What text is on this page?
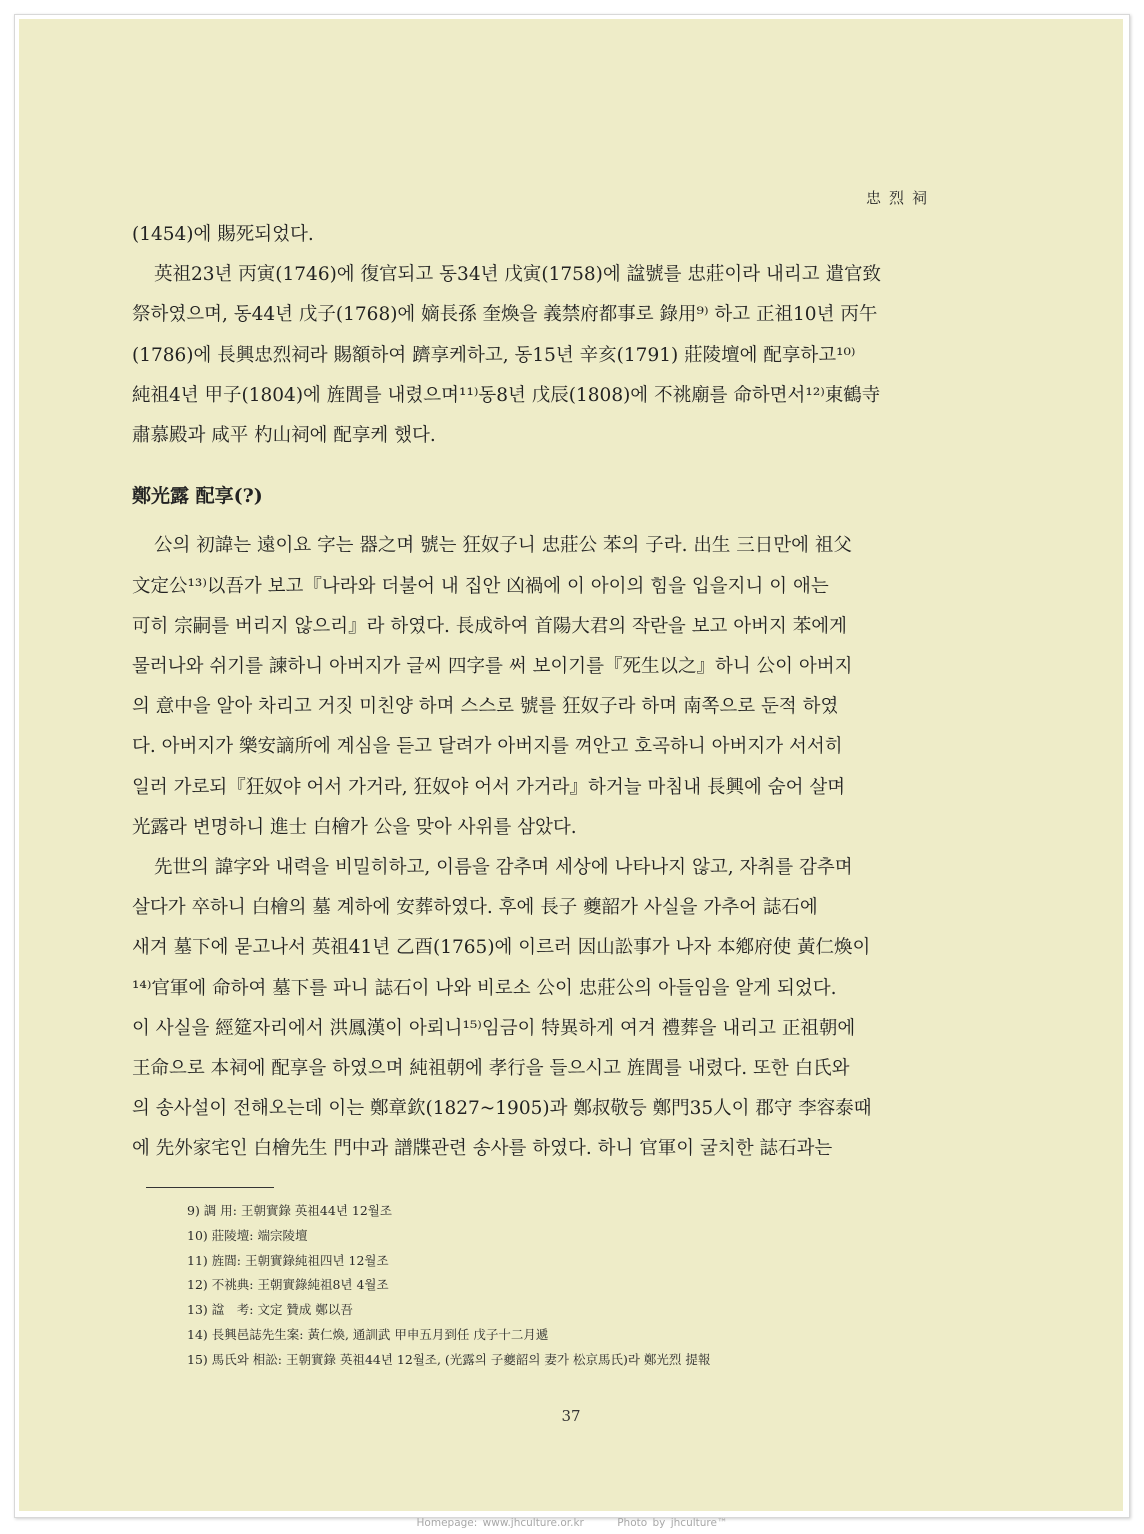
忠烈祠

(1454)에 賜死되었다.

英祖23년 丙寅(1746)에 復官되고 동34년 戊寅(1758)에 諡號를 忠莊이라 내리고 遣官致
祭하였으며, 동44년 戊子(1768)에 嫡長孫 奎煥을 義禁府都事로 錄用⁹⁾ 하고 正祖10년 丙午
(1786)에 長興忠烈祠라 賜額하여 躋享케하고, 동15년 辛亥(1791) 莊陵壇에 配享하고¹⁰⁾
純祖4년 甲子(1804)에 旌閭를 내렸으며¹¹⁾동8년 戊辰(1808)에 不祧廟를 命하면서¹²⁾東鶴寺
肅慕殿과 咸平 杓山祠에 配享케 했다.

鄭光露 配享(?)

公의 初諱는 遠이요 字는 器之며 號는 狂奴子니 忠莊公 苯의 子라. 出生 三日만에 祖父
文定公¹³⁾以吾가 보고『나라와 더불어 내 집안 凶禍에 이 아이의 힘을 입을지니 이 애는
可히 宗嗣를 버리지 않으리』라 하였다. 長成하여 首陽大君의 작란을 보고 아버지 苯에게
물러나와 쉬기를 諫하니 아버지가 글씨 四字를 써 보이기를『死生以之』하니 公이 아버지
의 意中을 알아 차리고 거짓 미친양 하며 스스로 號를 狂奴子라 하며 南쪽으로 둔적 하였
다. 아버지가 樂安謫所에 계심을 듣고 달려가 아버지를 껴안고 호곡하니 아버지가 서서히
일러 가로되『狂奴야 어서 가거라, 狂奴야 어서 가거라』하거늘 마침내 長興에 숨어 살며
光露라 변명하니 進士 白檜가 公을 맞아 사위를 삼았다.

先世의 諱字와 내력을 비밀히하고, 이름을 감추며 세상에 나타나지 않고, 자취를 감추며
살다가 卒하니 白檜의 墓 계하에 安葬하였다. 후에 長子 夔韶가 사실을 가추어 誌石에
새겨 墓下에 묻고나서 英祖41년 乙酉(1765)에 이르러 因山訟事가 나자 本鄕府使 黃仁煥이
¹⁴⁾官軍에 命하여 墓下를 파니 誌石이 나와 비로소 公이 忠莊公의 아들임을 알게 되었다.
이 사실을 經筵자리에서 洪鳳漢이 아뢰니¹⁵⁾임금이 特異하게 여겨 禮葬을 내리고 正祖朝에
王命으로 本祠에 配享을 하였으며 純祖朝에 孝行을 들으시고 旌閭를 내렸다. 또한 白氏와
의 송사설이 전해오는데 이는 鄭章欽(1827~1905)과 鄭叔敬등 鄭門35人이 郡守 李容泰때
에 先外家宅인 白檜先生 門中과 譜牒관련 송사를 하였다. 하니 官軍이 굴치한 誌石과는

9) 調 用: 王朝實錄 英祖44년 12월조
10) 莊陵壇: 端宗陵壇
11) 旌閭: 王朝實錄純祖四년 12월조
12) 不祧典: 王朝實錄純祖8년 4월조
13) 諡　考: 文定 贊成 鄭以吾
14) 長興邑誌先生案: 黃仁煥, 通訓武 甲申五月到任 戊子十二月遞
15) 馬氏와 相訟: 王朝實錄 英祖44년 12월조, (光露의 子夔韶의 妻가 松京馬氏)라 鄭光烈 提報
37
Homepage: www.jhculture.or.kr	Photo by jhculture™
